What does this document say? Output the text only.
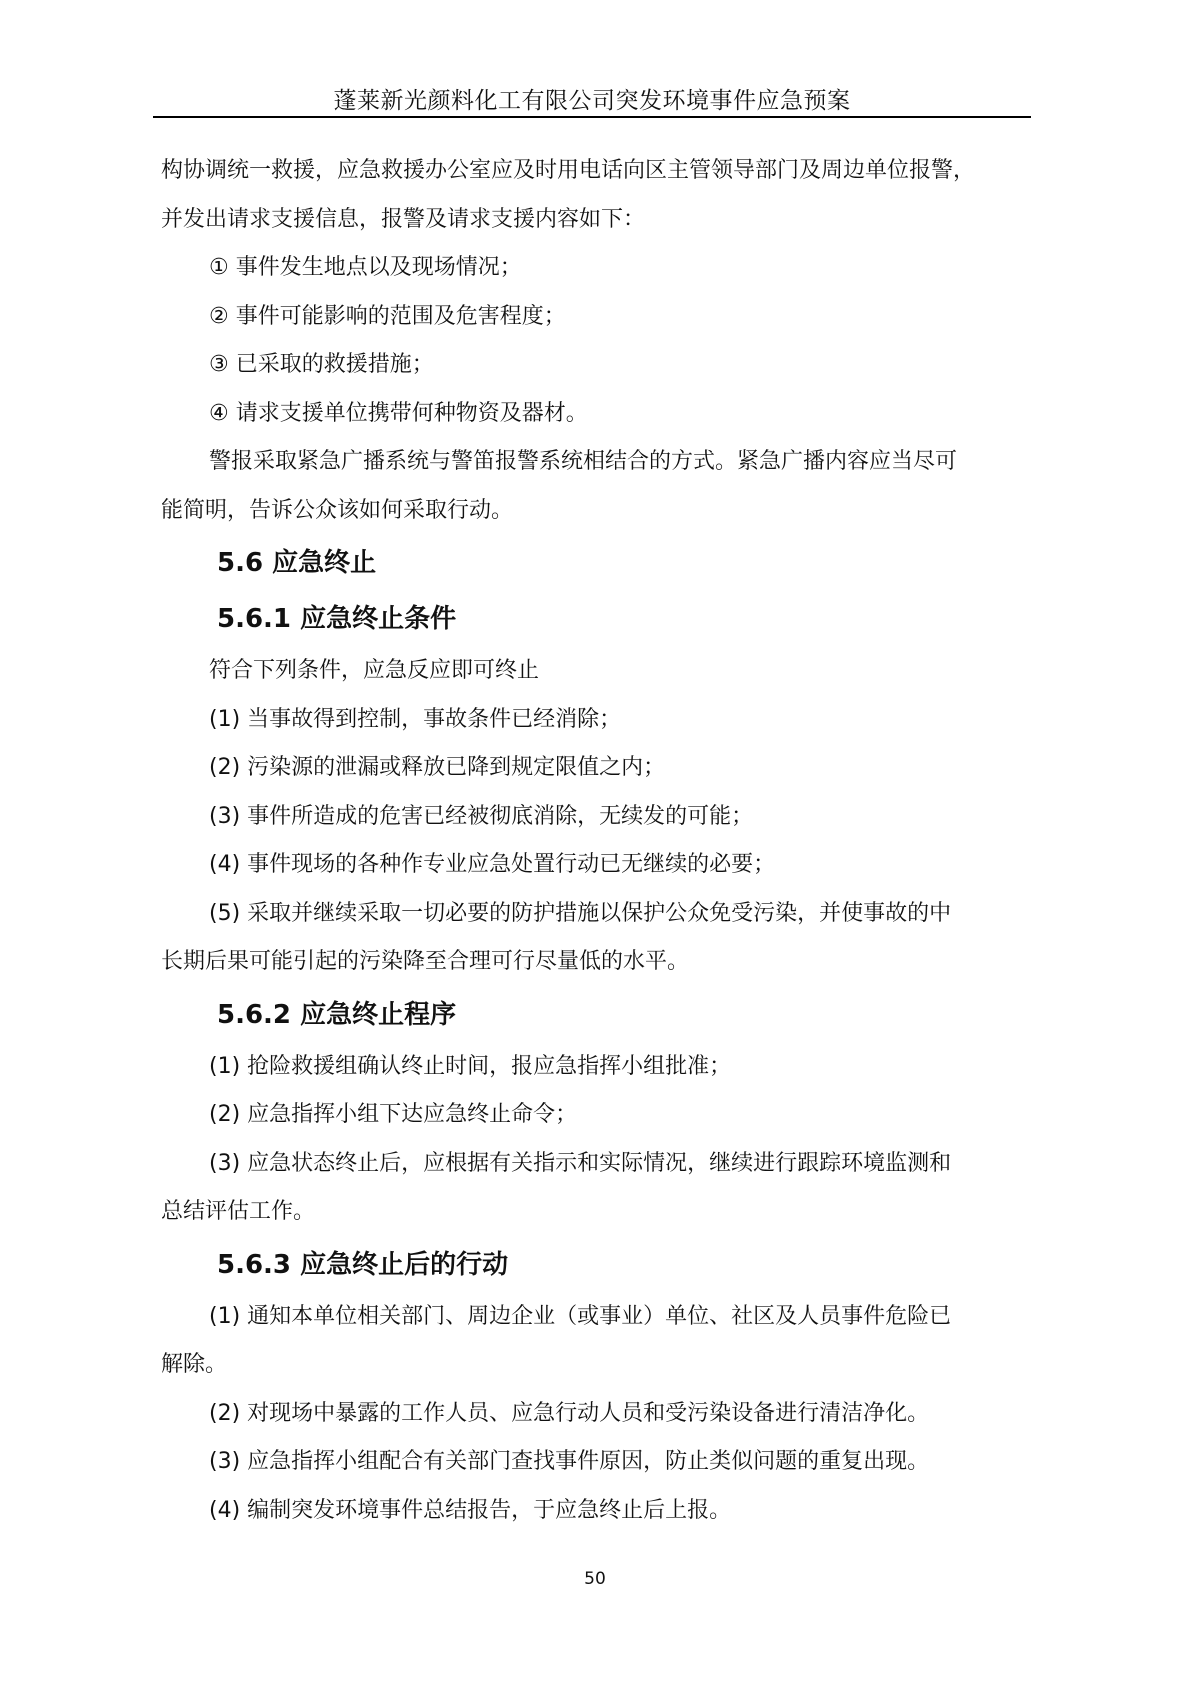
蓬莱新光颜料化工有限公司突发环境事件应急预案

构协调统一救援，应急救援办公室应及时用电话向区主管领导部门及周边单位报警，

并发出请求支援信息，报警及请求支援内容如下：

① 事件发生地点以及现场情况；

② 事件可能影响的范围及危害程度；

③ 已采取的救援措施；

④ 请求支援单位携带何种物资及器材。

警报采取紧急广播系统与警笛报警系统相结合的方式。紧急广播内容应当尽可

能简明，告诉公众该如何采取行动。

5.6 应急终止
5.6.1 应急终止条件

符合下列条件，应急反应即可终止

(1) 当事故得到控制，事故条件已经消除；

(2) 污染源的泄漏或释放已降到规定限值之内；

(3) 事件所造成的危害已经被彻底消除，无续发的可能；

(4) 事件现场的各种作专业应急处置行动已无继续的必要；

(5) 采取并继续采取一切必要的防护措施以保护公众免受污染，并使事故的中

长期后果可能引起的污染降至合理可行尽量低的水平。

5.6.2 应急终止程序

(1) 抢险救援组确认终止时间，报应急指挥小组批准；

(2) 应急指挥小组下达应急终止命令；

(3) 应急状态终止后，应根据有关指示和实际情况，继续进行跟踪环境监测和

总结评估工作。

5.6.3 应急终止后的行动

(1) 通知本单位相关部门、周边企业（或事业）单位、社区及人员事件危险已

解除。

(2) 对现场中暴露的工作人员、应急行动人员和受污染设备进行清洁净化。

(3) 应急指挥小组配合有关部门查找事件原因，防止类似问题的重复出现。

(4) 编制突发环境事件总结报告，于应急终止后上报。

50
